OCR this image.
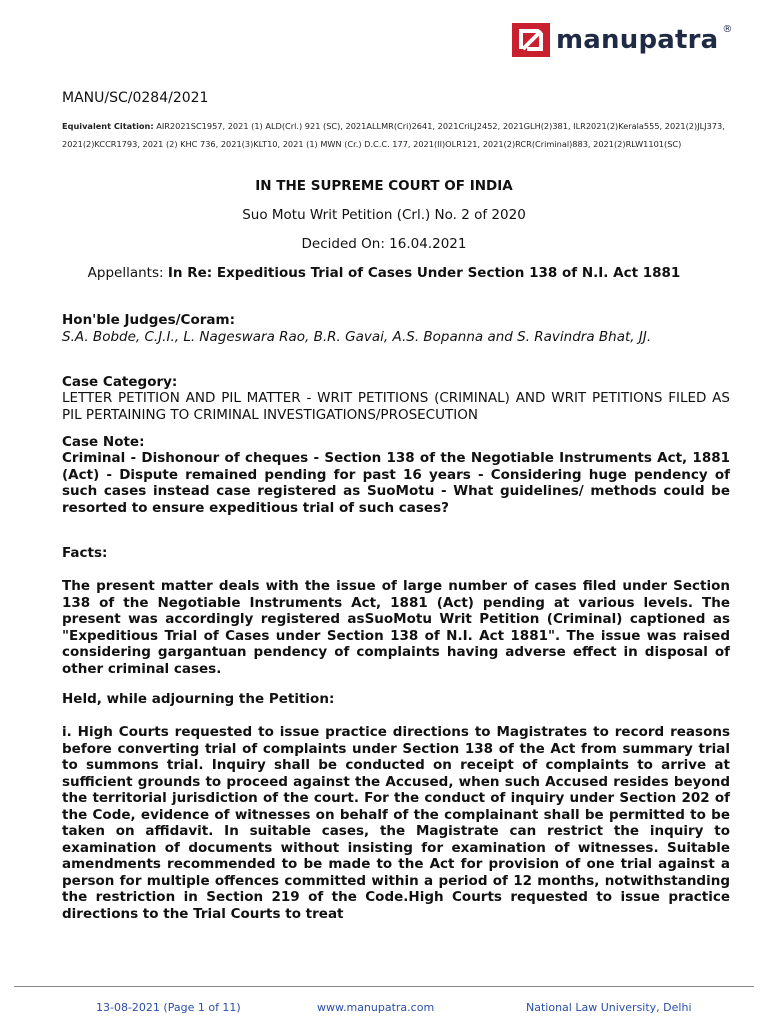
manupatra ®
MANU/SC/0284/2021
Equivalent Citation: AIR2021SC1957, 2021 (1) ALD(Crl.) 921 (SC), 2021ALLMR(Cri)2641, 2021CriLJ2452, 2021GLH(2)381, ILR2021(2)Kerala555, 2021(2)JLJ373, 2021(2)KCCR1793, 2021 (2) KHC 736, 2021(3)KLT10, 2021 (1) MWN (Cr.) D.C.C. 177, 2021(II)OLR121, 2021(2)RCR(Criminal)883, 2021(2)RLW1101(SC)
IN THE SUPREME COURT OF INDIA
Suo Motu Writ Petition (Crl.) No. 2 of 2020
Decided On: 16.04.2021
Appellants: In Re: Expeditious Trial of Cases Under Section 138 of N.I. Act 1881
Hon'ble Judges/Coram:
S.A. Bobde, C.J.I., L. Nageswara Rao, B.R. Gavai, A.S. Bopanna and S. Ravindra Bhat, JJ.
Case Category:
LETTER PETITION AND PIL MATTER - WRIT PETITIONS (CRIMINAL) AND WRIT PETITIONS FILED AS PIL PERTAINING TO CRIMINAL INVESTIGATIONS/PROSECUTION
Case Note:
Criminal - Dishonour of cheques - Section 138 of the Negotiable Instruments Act, 1881 (Act) - Dispute remained pending for past 16 years - Considering huge pendency of such cases instead case registered as SuoMotu - What guidelines/ methods could be resorted to ensure expeditious trial of such cases?
Facts:
The present matter deals with the issue of large number of cases filed under Section 138 of the Negotiable Instruments Act, 1881 (Act) pending at various levels. The present was accordingly registered asSuoMotu Writ Petition (Criminal) captioned as "Expeditious Trial of Cases under Section 138 of N.I. Act 1881". The issue was raised considering gargantuan pendency of complaints having adverse effect in disposal of other criminal cases.
Held, while adjourning the Petition:
i. High Courts requested to issue practice directions to Magistrates to record reasons before converting trial of complaints under Section 138 of the Act from summary trial to summons trial. Inquiry shall be conducted on receipt of complaints to arrive at sufficient grounds to proceed against the Accused, when such Accused resides beyond the territorial jurisdiction of the court. For the conduct of inquiry under Section 202 of the Code, evidence of witnesses on behalf of the complainant shall be permitted to be taken on affidavit. In suitable cases, the Magistrate can restrict the inquiry to examination of documents without insisting for examination of witnesses. Suitable amendments recommended to be made to the Act for provision of one trial against a person for multiple offences committed within a period of 12 months, notwithstanding the restriction in Section 219 of the Code.High Courts requested to issue practice directions to the Trial Courts to treat
13-08-2021 (Page 1 of 11)	www.manupatra.com	National Law University, Delhi
